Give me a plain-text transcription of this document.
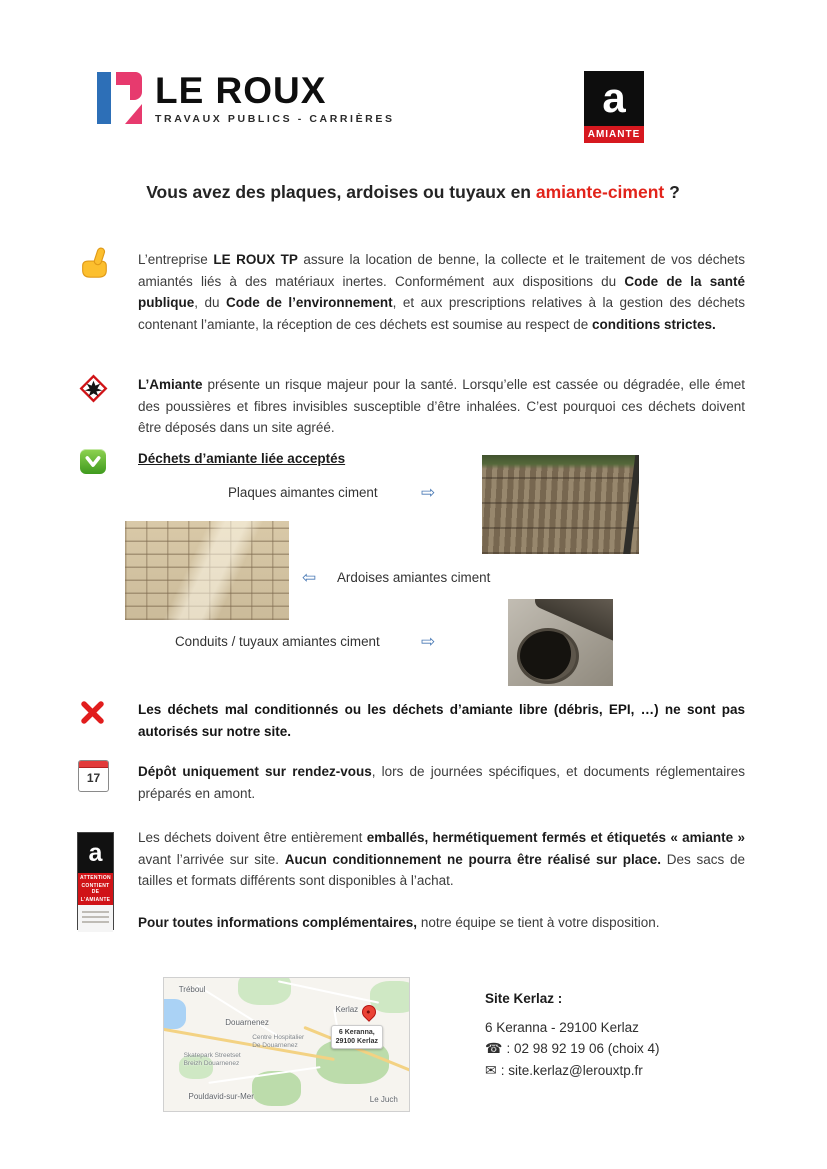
LE ROUX
TRAVAUX PUBLICS - CARRIÈRES	a
AMIANTE
Vous avez des plaques, ardoises ou tuyaux en amiante-ciment ?

L’entreprise LE ROUX TP assure la location de benne, la collecte et le traitement de vos déchets amiantés liés à des matériaux inertes. Conformément aux dispositions du Code de la santé publique, du Code de l’environnement, et aux prescriptions relatives à la gestion des déchets contenant l’amiante, la réception de ces déchets est soumise au respect de conditions strictes.

L’Amiante présente un risque majeur pour la santé. Lorsqu’elle est cassée ou dégradée, elle émet des poussières et fibres invisibles susceptible d’être inhalées. C’est pourquoi ces déchets doivent être déposés dans un site agréé.

Déchets d’amiante liée acceptés
Plaques aimantes ciment	⇨
⇦ Ardoises amiantes ciment
Conduits / tuyaux amiantes ciment ⇨

Les déchets mal conditionnés ou les déchets d’amiante libre (débris, EPI, …) ne sont pas autorisés sur notre site.

17	Dépôt uniquement sur rendez-vous, lors de journées spécifiques, et documents réglementaires préparés en amont.

a
ATTENTION
CONTIENT DE
L’AMIANTE

Les déchets doivent être entièrement emballés, hermétiquement fermés et étiquetés « amiante » avant l’arrivée sur site. Aucun conditionnement ne pourra être réalisé sur place. Des sacs de tailles et formats différents sont disponibles à l’achat.

Pour toutes informations complémentaires, notre équipe se tient à votre disposition.

Tréboul
Douarnenez
Kerlaz
Pouldavid-sur-Mer	Le Juch
Centre Hospitalier De Douarnenez
Skatepark Streetset Breizh Douarnenez
6 Keranna,
29100 Kerlaz
Site Kerlaz :
6 Keranna - 29100 Kerlaz
☎ : 02 98 92 19 06 (choix 4)
✉ : site.kerlaz@lerouxtp.fr
